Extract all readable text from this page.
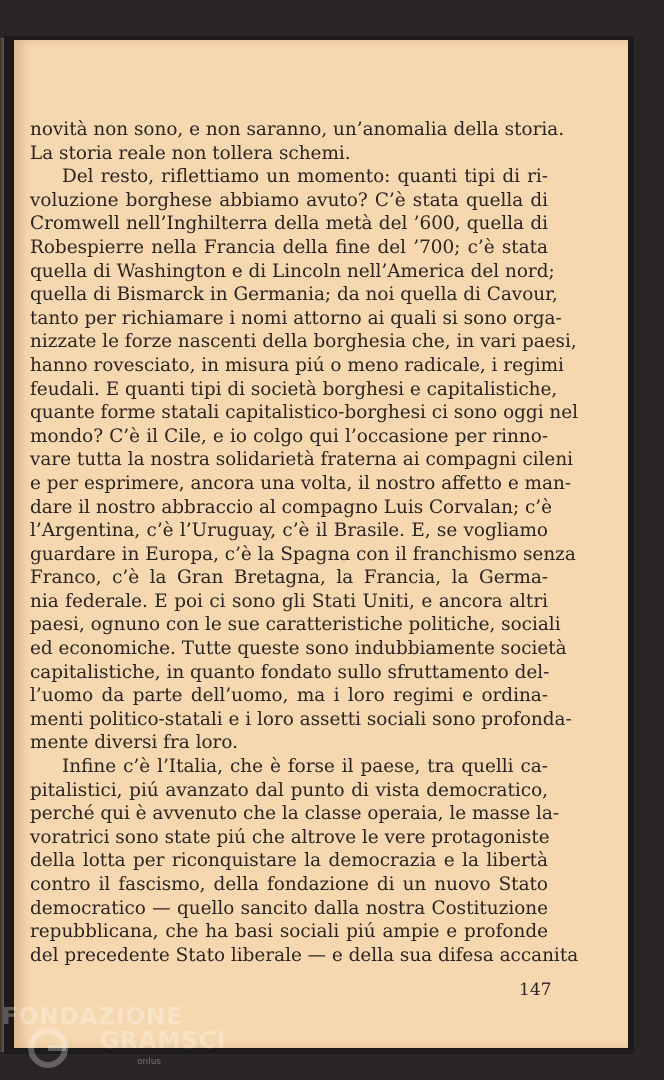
novità non sono, e non saranno, un’anomalia della storia.
La storia reale non tollera schemi.
Del resto, riflettiamo un momento: quanti tipi di ri-
voluzione borghese abbiamo avuto? C’è stata quella di
Cromwell nell’Inghilterra della metà del ’600, quella di
Robespierre nella Francia della fine del ’700; c’è stata
quella di Washington e di Lincoln nell’America del nord;
quella di Bismarck in Germania; da noi quella di Cavour,
tanto per richiamare i nomi attorno ai quali si sono orga-
nizzate le forze nascenti della borghesia che, in vari paesi,
hanno rovesciato, in misura piú o meno radicale, i regimi
feudali. E quanti tipi di società borghesi e capitalistiche,
quante forme statali capitalistico-borghesi ci sono oggi nel
mondo? C’è il Cile, e io colgo qui l’occasione per rinno-
vare tutta la nostra solidarietà fraterna ai compagni cileni
e per esprimere, ancora una volta, il nostro affetto e man-
dare il nostro abbraccio al compagno Luis Corvalan; c’è
l’Argentina, c’è l’Uruguay, c’è il Brasile. E, se vogliamo
guardare in Europa, c’è la Spagna con il franchismo senza
Franco, c’è la Gran Bretagna, la Francia, la Germa-
nia federale. E poi ci sono gli Stati Uniti, e ancora altri
paesi, ognuno con le sue caratteristiche politiche, sociali
ed economiche. Tutte queste sono indubbiamente società
capitalistiche, in quanto fondato sullo sfruttamento del-
l’uomo da parte dell’uomo, ma i loro regimi e ordina-
menti politico-statali e i loro assetti sociali sono profonda-
mente diversi fra loro.
Infine c’è l’Italia, che è forse il paese, tra quelli ca-
pitalistici, piú avanzato dal punto di vista democratico,
perché qui è avvenuto che la classe operaia, le masse la-
voratrici sono state piú che altrove le vere protagoniste
della lotta per riconquistare la democrazia e la libertà
contro il fascismo, della fondazione di un nuovo Stato
democratico — quello sancito dalla nostra Costituzione
repubblicana, che ha basi sociali piú ampie e profonde
del precedente Stato liberale — e della sua difesa accanita
147
FONDAZIONE
GRAMSCI
onlus
